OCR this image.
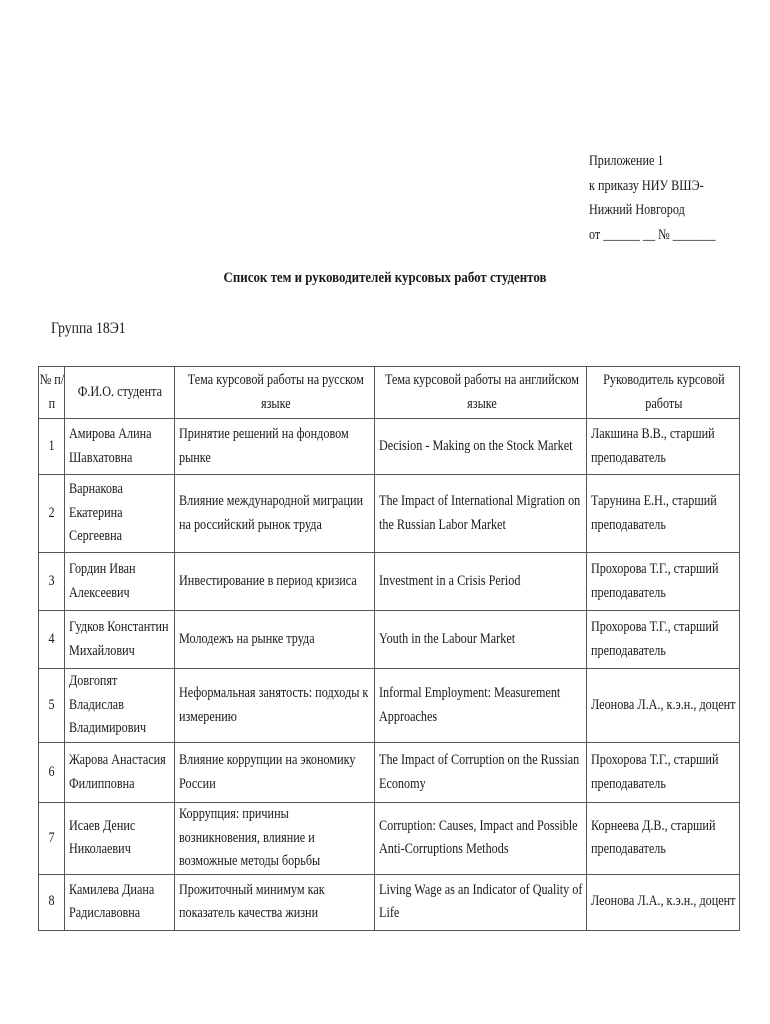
Приложение 1
к приказу НИУ ВШЭ-
Нижний Новгород
от ______ __ № _______
Список тем и руководителей курсовых работ студентов
Группа 18Э1
№ п/п	Ф.И.О. студента	Тема курсовой работы на русском языке	Тема курсовой работы на английском языке	Руководитель курсовой работы

1	Амирова Алина Шавхатовна	Принятие решений на фондовом рынке	Decision - Making on the Stock Market	Лакшина В.В., старший преподаватель

2	Варнакова Екатерина Сергеевна	Влияние международной миграции на российский рынок труда	The Impact of International Migration on the Russian Labor Market	Тарунина Е.Н., старший преподаватель

3	Гордин Иван Алексеевич	Инвестирование в период кризиса	Investment in a Crisis Period	Прохорова Т.Г., старший преподаватель

4	Гудков Константин Михайлович	Молодежъ на рынке труда	Youth in the Labour Market	Прохорова Т.Г., старший преподаватель

5	Довгопят Владислав Владимирович	Неформальная занятость: подходы к измерению	Informal Employment: Measurement Approaches	Леонова Л.А., к.э.н., доцент

6	Жарова Анастасия Филипповна	Влияние коррупции на экономику России	The Impact of Corruption on the Russian Economy	Прохорова Т.Г., старший преподаватель

7	Исаев Денис Николаевич	Коррупция: причины возникновения, влияние и возможные методы борьбы	Corruption: Causes, Impact and Possible Anti-Corruptions Methods	Корнеева Д.В., старший преподаватель

8	Камилева Диана Радиславовна	Прожиточный минимум как показатель качества жизни	Living Wage as an Indicator of Quality of Life	Леонова Л.А., к.э.н., доцент
